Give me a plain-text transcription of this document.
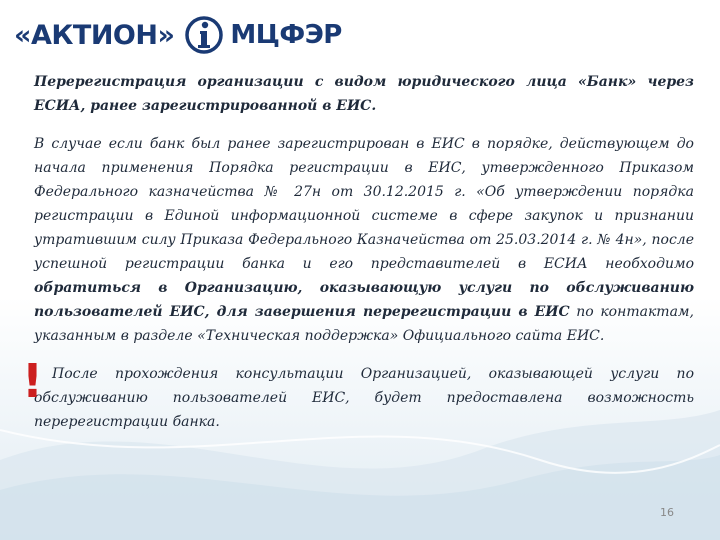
«АКТИОН» МЦФЭР

Перерегистрация организации с видом юридического лица «Банк» через ЕСИА, ранее зарегистрированной в ЕИС.

В случае если банк был ранее зарегистрирован в ЕИС в порядке, действующем до начала применения Порядка регистрации в ЕИС, утвержденного Приказом Федерального казначейства № 27н от 30.12.2015 г. «Об утверждении порядка регистрации в Единой информационной системе в сфере закупок и признании утратившим силу Приказа Федерального Казначейства от 25.03.2014 г. № 4н», после успешной регистрации банка и его представителей в ЕСИА необходимо обратиться в Организацию, оказывающую услуги по обслуживанию пользователей ЕИС, для завершения перерегистрации в ЕИС по контактам, указанным в разделе «Техническая поддержка» Официального сайта ЕИС.

После прохождения консультации Организацией, оказывающей услуги по обслуживанию пользователей ЕИС, будет предоставлена возможность перерегистрации банка.

!
16
